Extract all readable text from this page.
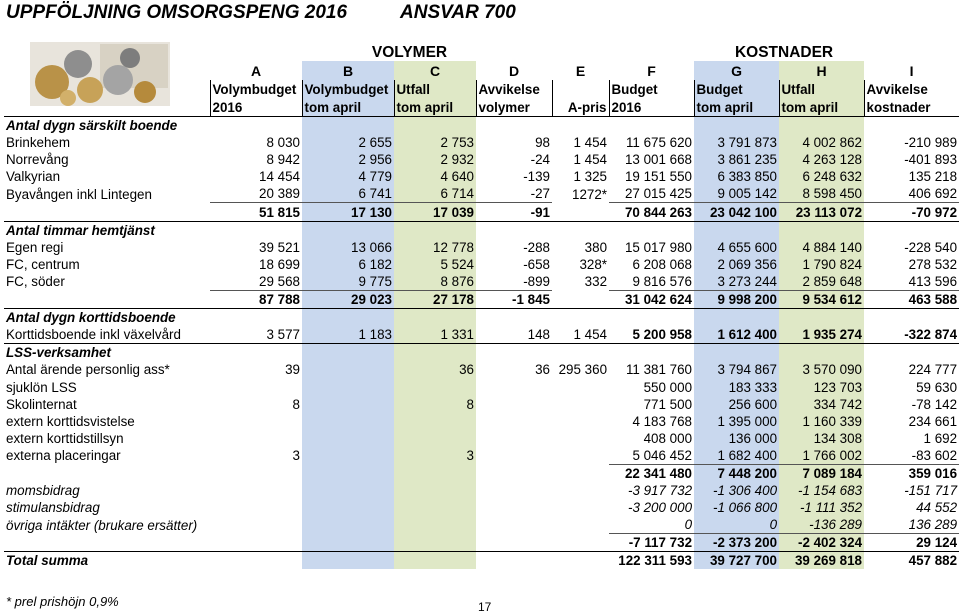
UPPFÖLJNING OMSORGSPENG 2016	ANSVAR 700
	VOLYMER					KOSTNADER			
	A	B	C	D	E	F	G	H	I
	Volymbudget	Volymbudget	Utfall	Avvikelse		Budget	Budget	Utfall	Avvikelse
	2016	tom april	tom april	volymer	A-pris	2016	tom april	tom april	kostnader
Antal dygn särskilt boende									
Brinkehem	8 030	2 655	2 753	98	1 454	11 675 620	3 791 873	4 002 862	-210 989
Norrevång	8 942	2 956	2 932	-24	1 454	13 001 668	3 861 235	4 263 128	-401 893
Valkyrian	14 454	4 779	4 640	-139	1 325	19 151 550	6 383 850	6 248 632	135 218
Byavången inkl Lintegen	20 389	6 741	6 714	-27	1272*	27 015 425	9 005 142	8 598 450	406 692
	51 815	17 130	17 039	-91		70 844 263	23 042 100	23 113 072	-70 972
Antal timmar hemtjänst									
Egen regi	39 521	13 066	12 778	-288	380	15 017 980	4 655 600	4 884 140	-228 540
FC, centrum	18 699	6 182	5 524	-658	328*	6 208 068	2 069 356	1 790 824	278 532
FC, söder	29 568	9 775	8 876	-899	332	9 816 576	3 273 244	2 859 648	413 596
	87 788	29 023	27 178	-1 845		31 042 624	9 998 200	9 534 612	463 588
Antal dygn korttidsboende									
Korttidsboende inkl växelvård	3 577	1 183	1 331	148	1 454	5 200 958	1 612 400	1 935 274	-322 874
LSS-verksamhet									
Antal ärende personlig ass*	39		36	36	295 360	11 381 760	3 794 867	3 570 090	224 777
sjuklön LSS						550 000	183 333	123 703	59 630
Skolinternat	8		8			771 500	256 600	334 742	-78 142
extern korttidsvistelse						4 183 768	1 395 000	1 160 339	234 661
extern korttidstillsyn						408 000	136 000	134 308	1 692
externa placeringar	3		3			5 046 452	1 682 400	1 766 002	-83 602
						22 341 480	7 448 200	7 089 184	359 016
momsbidrag						-3 917 732	-1 306 400	-1 154 683	-151 717
stimulansbidrag						-3 200 000	-1 066 800	-1 111 352	44 552
övriga intäkter (brukare ersätter)						0	0	-136 289	136 289
						-7 117 732	-2 373 200	-2 402 324	29 124
Total summa						122 311 593	39 727 700	39 269 818	457 882
* prel prishöjn 0,9%	17
